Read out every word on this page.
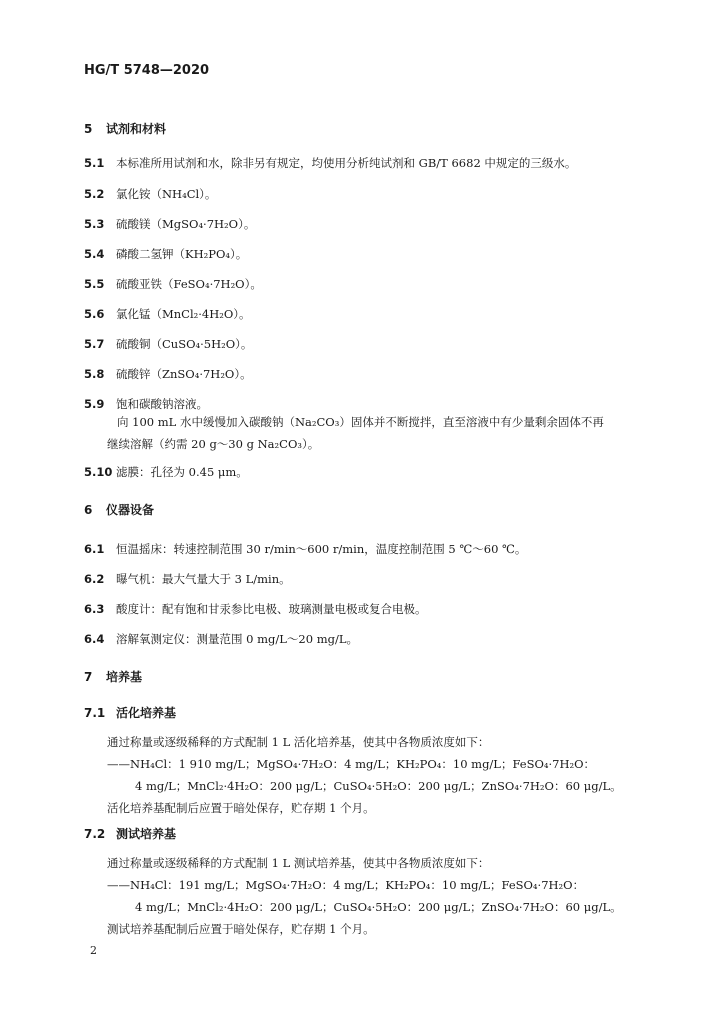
HG/T 5748—2020
5 试剂和材料
5.1 本标准所用试剂和水，除非另有规定，均使用分析纯试剂和 GB/T 6682 中规定的三级水。
5.2 氯化铵（NH₄Cl）。
5.3 硫酸镁（MgSO₄·7H₂O）。
5.4 磷酸二氢钾（KH₂PO₄）。
5.5 硫酸亚铁（FeSO₄·7H₂O）。
5.6 氯化锰（MnCl₂·4H₂O）。
5.7 硫酸铜（CuSO₄·5H₂O）。
5.8 硫酸锌（ZnSO₄·7H₂O）。
5.9 饱和碳酸钠溶液。
向 100 mL 水中缓慢加入碳酸钠（Na₂CO₃）固体并不断搅拌，直至溶液中有少量剩余固体不再
继续溶解（约需 20 g～30 g Na₂CO₃）。
5.10 滤膜：孔径为 0.45 μm。
6 仪器设备
6.1 恒温摇床：转速控制范围 30 r/min～600 r/min，温度控制范围 5 ℃～60 ℃。
6.2 曝气机：最大气量大于 3 L/min。
6.3 酸度计：配有饱和甘汞参比电极、玻璃测量电极或复合电极。
6.4 溶解氧测定仪：测量范围 0 mg/L～20 mg/L。
7 培养基
7.1 活化培养基
通过称量或逐级稀释的方式配制 1 L 活化培养基，使其中各物质浓度如下：
——NH₄Cl：1 910 mg/L；MgSO₄·7H₂O：4 mg/L；KH₂PO₄：10 mg/L；FeSO₄·7H₂O：
4 mg/L；MnCl₂·4H₂O：200 μg/L；CuSO₄·5H₂O：200 μg/L；ZnSO₄·7H₂O：60 μg/L。
活化培养基配制后应置于暗处保存，贮存期 1 个月。
7.2 测试培养基
通过称量或逐级稀释的方式配制 1 L 测试培养基，使其中各物质浓度如下：
——NH₄Cl：191 mg/L；MgSO₄·7H₂O：4 mg/L；KH₂PO₄：10 mg/L；FeSO₄·7H₂O：
4 mg/L；MnCl₂·4H₂O：200 μg/L；CuSO₄·5H₂O：200 μg/L；ZnSO₄·7H₂O：60 μg/L。
测试培养基配制后应置于暗处保存，贮存期 1 个月。
2
